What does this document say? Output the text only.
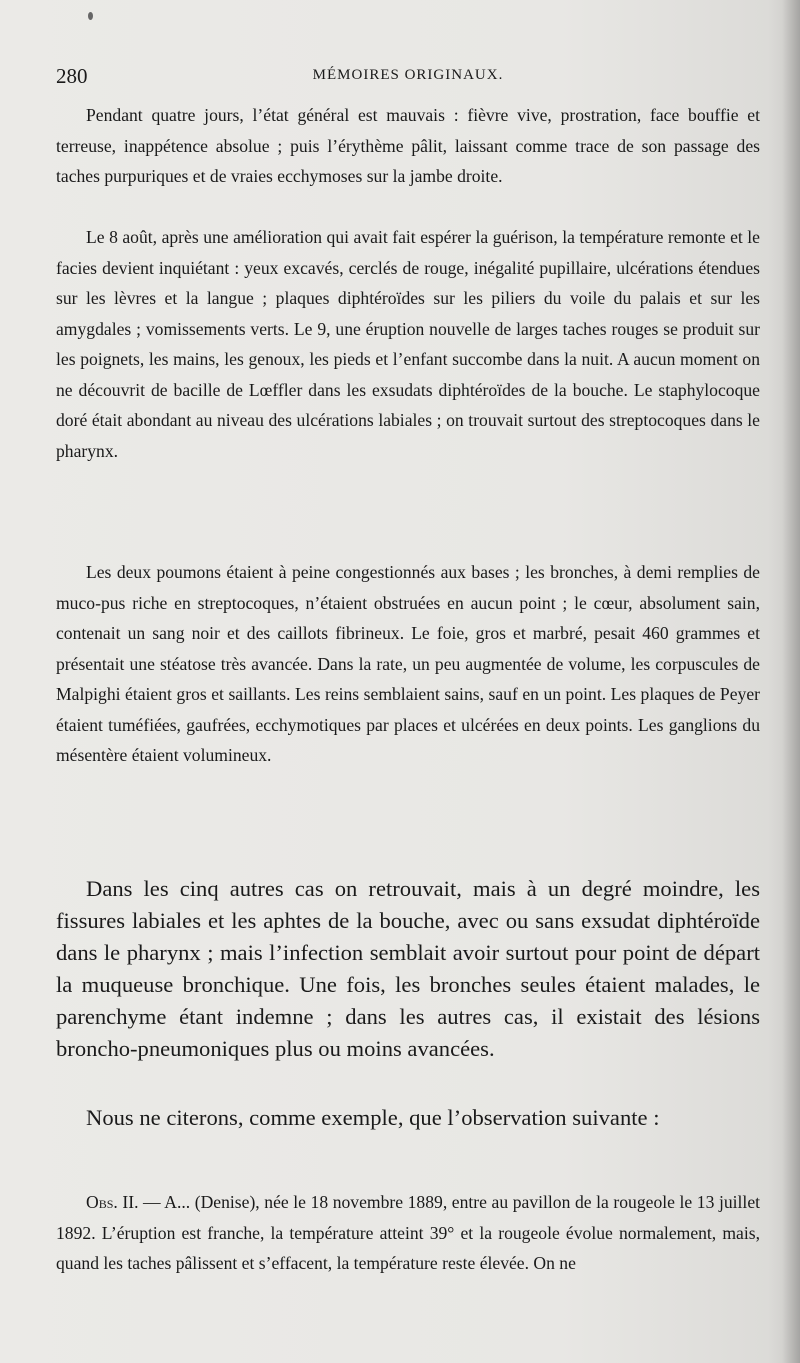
280	MÉMOIRES ORIGINAUX.

Pendant quatre jours, l’état général est mauvais : fièvre vive, prostration, face bouffie et terreuse, inappétence absolue ; puis l’érythème pâlit, laissant comme trace de son passage des taches purpuriques et de vraies ecchymoses sur la jambe droite.

Le 8 août, après une amélioration qui avait fait espérer la guérison, la température remonte et le facies devient inquiétant : yeux excavés, cerclés de rouge, inégalité pupillaire, ulcérations étendues sur les lèvres et la langue ; plaques diphtéroïdes sur les piliers du voile du palais et sur les amygdales ; vomissements verts. Le 9, une éruption nouvelle de larges taches rouges se produit sur les poignets, les mains, les genoux, les pieds et l’enfant succombe dans la nuit. A aucun moment on ne découvrit de bacille de Lœffler dans les exsudats diphtéroïdes de la bouche. Le staphylocoque doré était abondant au niveau des ulcérations labiales ; on trouvait surtout des streptocoques dans le pharynx.

Les deux poumons étaient à peine congestionnés aux bases ; les bronches, à demi remplies de muco-pus riche en streptocoques, n’étaient obstruées en aucun point ; le cœur, absolument sain, contenait un sang noir et des caillots fibrineux. Le foie, gros et marbré, pesait 460 grammes et présentait une stéatose très avancée. Dans la rate, un peu augmentée de volume, les corpuscules de Malpighi étaient gros et saillants. Les reins semblaient sains, sauf en un point. Les plaques de Peyer étaient tuméfiées, gaufrées, ecchymotiques par places et ulcérées en deux points. Les ganglions du mésentère étaient volumineux.

Dans les cinq autres cas on retrouvait, mais à un degré moindre, les fissures labiales et les aphtes de la bouche, avec ou sans exsudat diphtéroïde dans le pharynx ; mais l’infection semblait avoir surtout pour point de départ la muqueuse bronchique. Une fois, les bronches seules étaient malades, le parenchyme étant indemne ; dans les autres cas, il existait des lésions broncho-pneumoniques plus ou moins avancées.

Nous ne citerons, comme exemple, que l’observation suivante :

Obs. II. — A... (Denise), née le 18 novembre 1889, entre au pavillon de la rougeole le 13 juillet 1892. L’éruption est franche, la température atteint 39° et la rougeole évolue normalement, mais, quand les taches pâlissent et s’effacent, la température reste élevée. On ne
